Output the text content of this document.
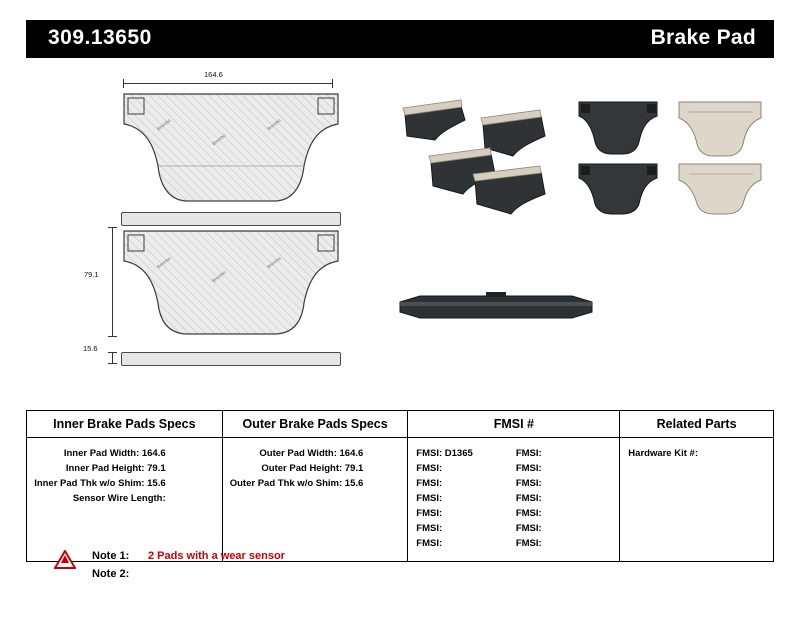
309.13650	Brake Pad
164.6
79.1
15.6
Brembo
Brembo
Brembo
Brembo
Brembo
Brembo
Inner Brake Pads Specs	Outer Brake Pads Specs	FMSI #	Related Parts
Inner Pad Width: 164.6
Inner Pad Height: 79.1
Inner Pad Thk w/o Shim: 15.6
Sensor Wire Length:
Outer Pad Width: 164.6
Outer Pad Height: 79.1
Outer Pad Thk w/o Shim: 15.6
FMSI: D1365	FMSI:
FMSI:	FMSI:
FMSI:	FMSI:
FMSI:	FMSI:
FMSI:	FMSI:
FMSI:	FMSI:
FMSI:	FMSI:
Hardware Kit #:
Note 1: 2 Pads with a wear sensor
Note 2:
